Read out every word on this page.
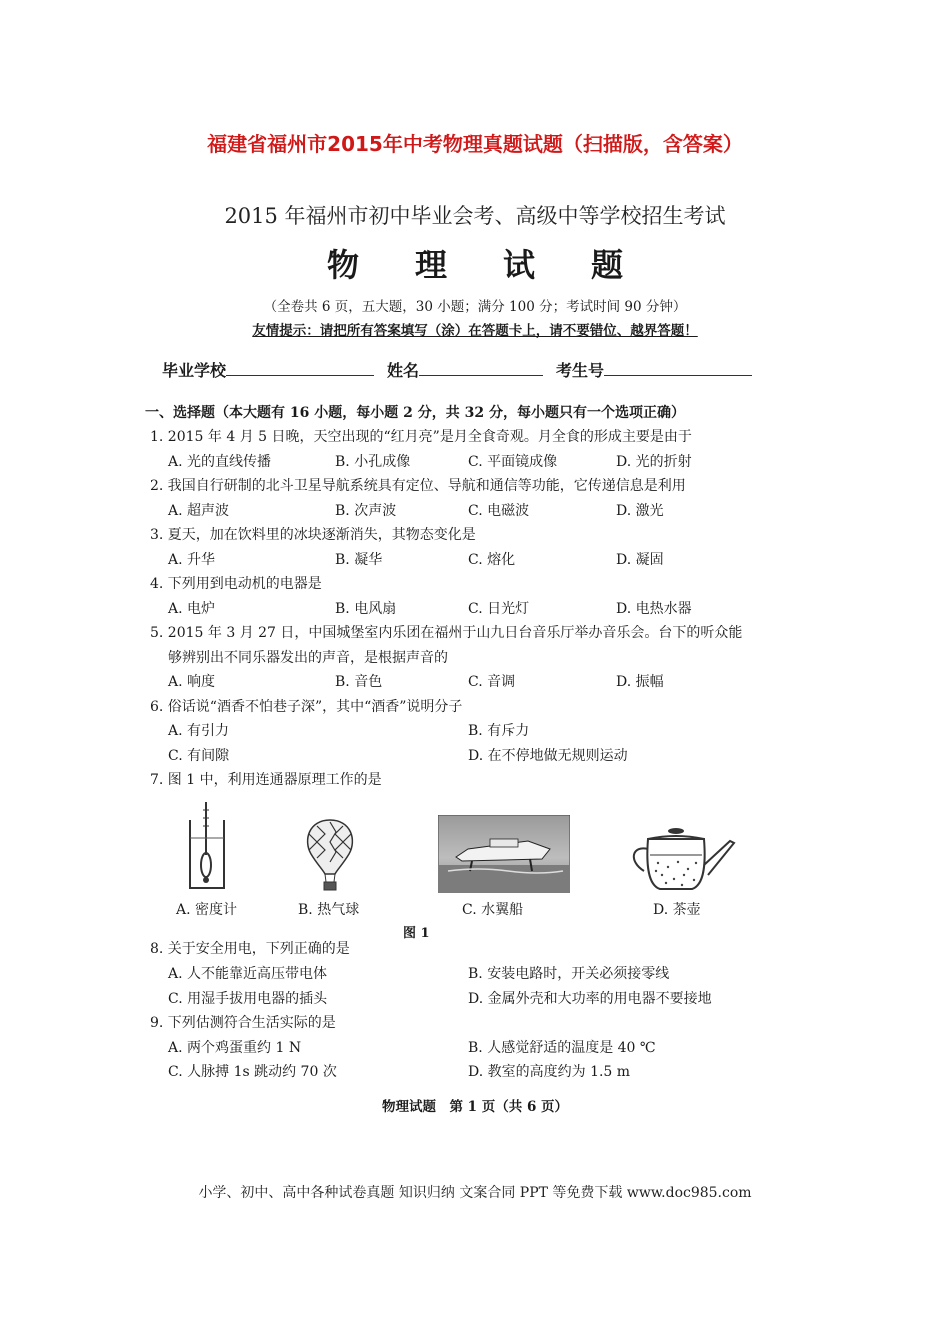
福建省福州市2015年中考物理真题试题（扫描版，含答案）
2015 年福州市初中毕业会考、高级中等学校招生考试
物理试题
（全卷共 6 页，五大题，30 小题；满分 100 分；考试时间 90 分钟）
友情提示：请把所有答案填写（涂）在答题卡上，请不要错位、越界答题！
毕业学校	姓名	考生号
一、选择题（本大题有 16 小题，每小题 2 分，共 32 分，每小题只有一个选项正确）
1. 2015 年 4 月 5 日晚，天空出现的“红月亮”是月全食奇观。月全食的形成主要是由于
A. 光的直线传播	B. 小孔成像	C. 平面镜成像	D. 光的折射
2. 我国自行研制的北斗卫星导航系统具有定位、导航和通信等功能，它传递信息是利用
A. 超声波	B. 次声波	C. 电磁波	D. 激光
3. 夏天，加在饮料里的冰块逐渐消失，其物态变化是
A. 升华	B. 凝华	C. 熔化	D. 凝固
4. 下列用到电动机的电器是
A. 电炉	B. 电风扇	C. 日光灯	D. 电热水器
5. 2015 年 3 月 27 日，中国城堡室内乐团在福州于山九日台音乐厅举办音乐会。台下的听众能
够辨别出不同乐器发出的声音，是根据声音的
A. 响度	B. 音色	C. 音调	D. 振幅
6. 俗话说“酒香不怕巷子深”，其中“酒香”说明分子
A. 有引力	B. 有斥力
C. 有间隙	D. 在不停地做无规则运动
7. 图 1 中，利用连通器原理工作的是
A. 密度计	B. 热气球	C. 水翼船	D. 茶壶
图 1
8. 关于安全用电，下列正确的是
A. 人不能靠近高压带电体	B. 安装电路时，开关必须接零线
C. 用湿手拔用电器的插头	D. 金属外壳和大功率的用电器不要接地
9. 下列估测符合生活实际的是
A. 两个鸡蛋重约 1 N	B. 人感觉舒适的温度是 40 ℃
C. 人脉搏 1s 跳动约 70 次	D. 教室的高度约为 1.5 m
物理试题　第 1 页（共 6 页）
小学、初中、高中各种试卷真题 知识归纳 文案合同 PPT 等免费下载 www.doc985.com
